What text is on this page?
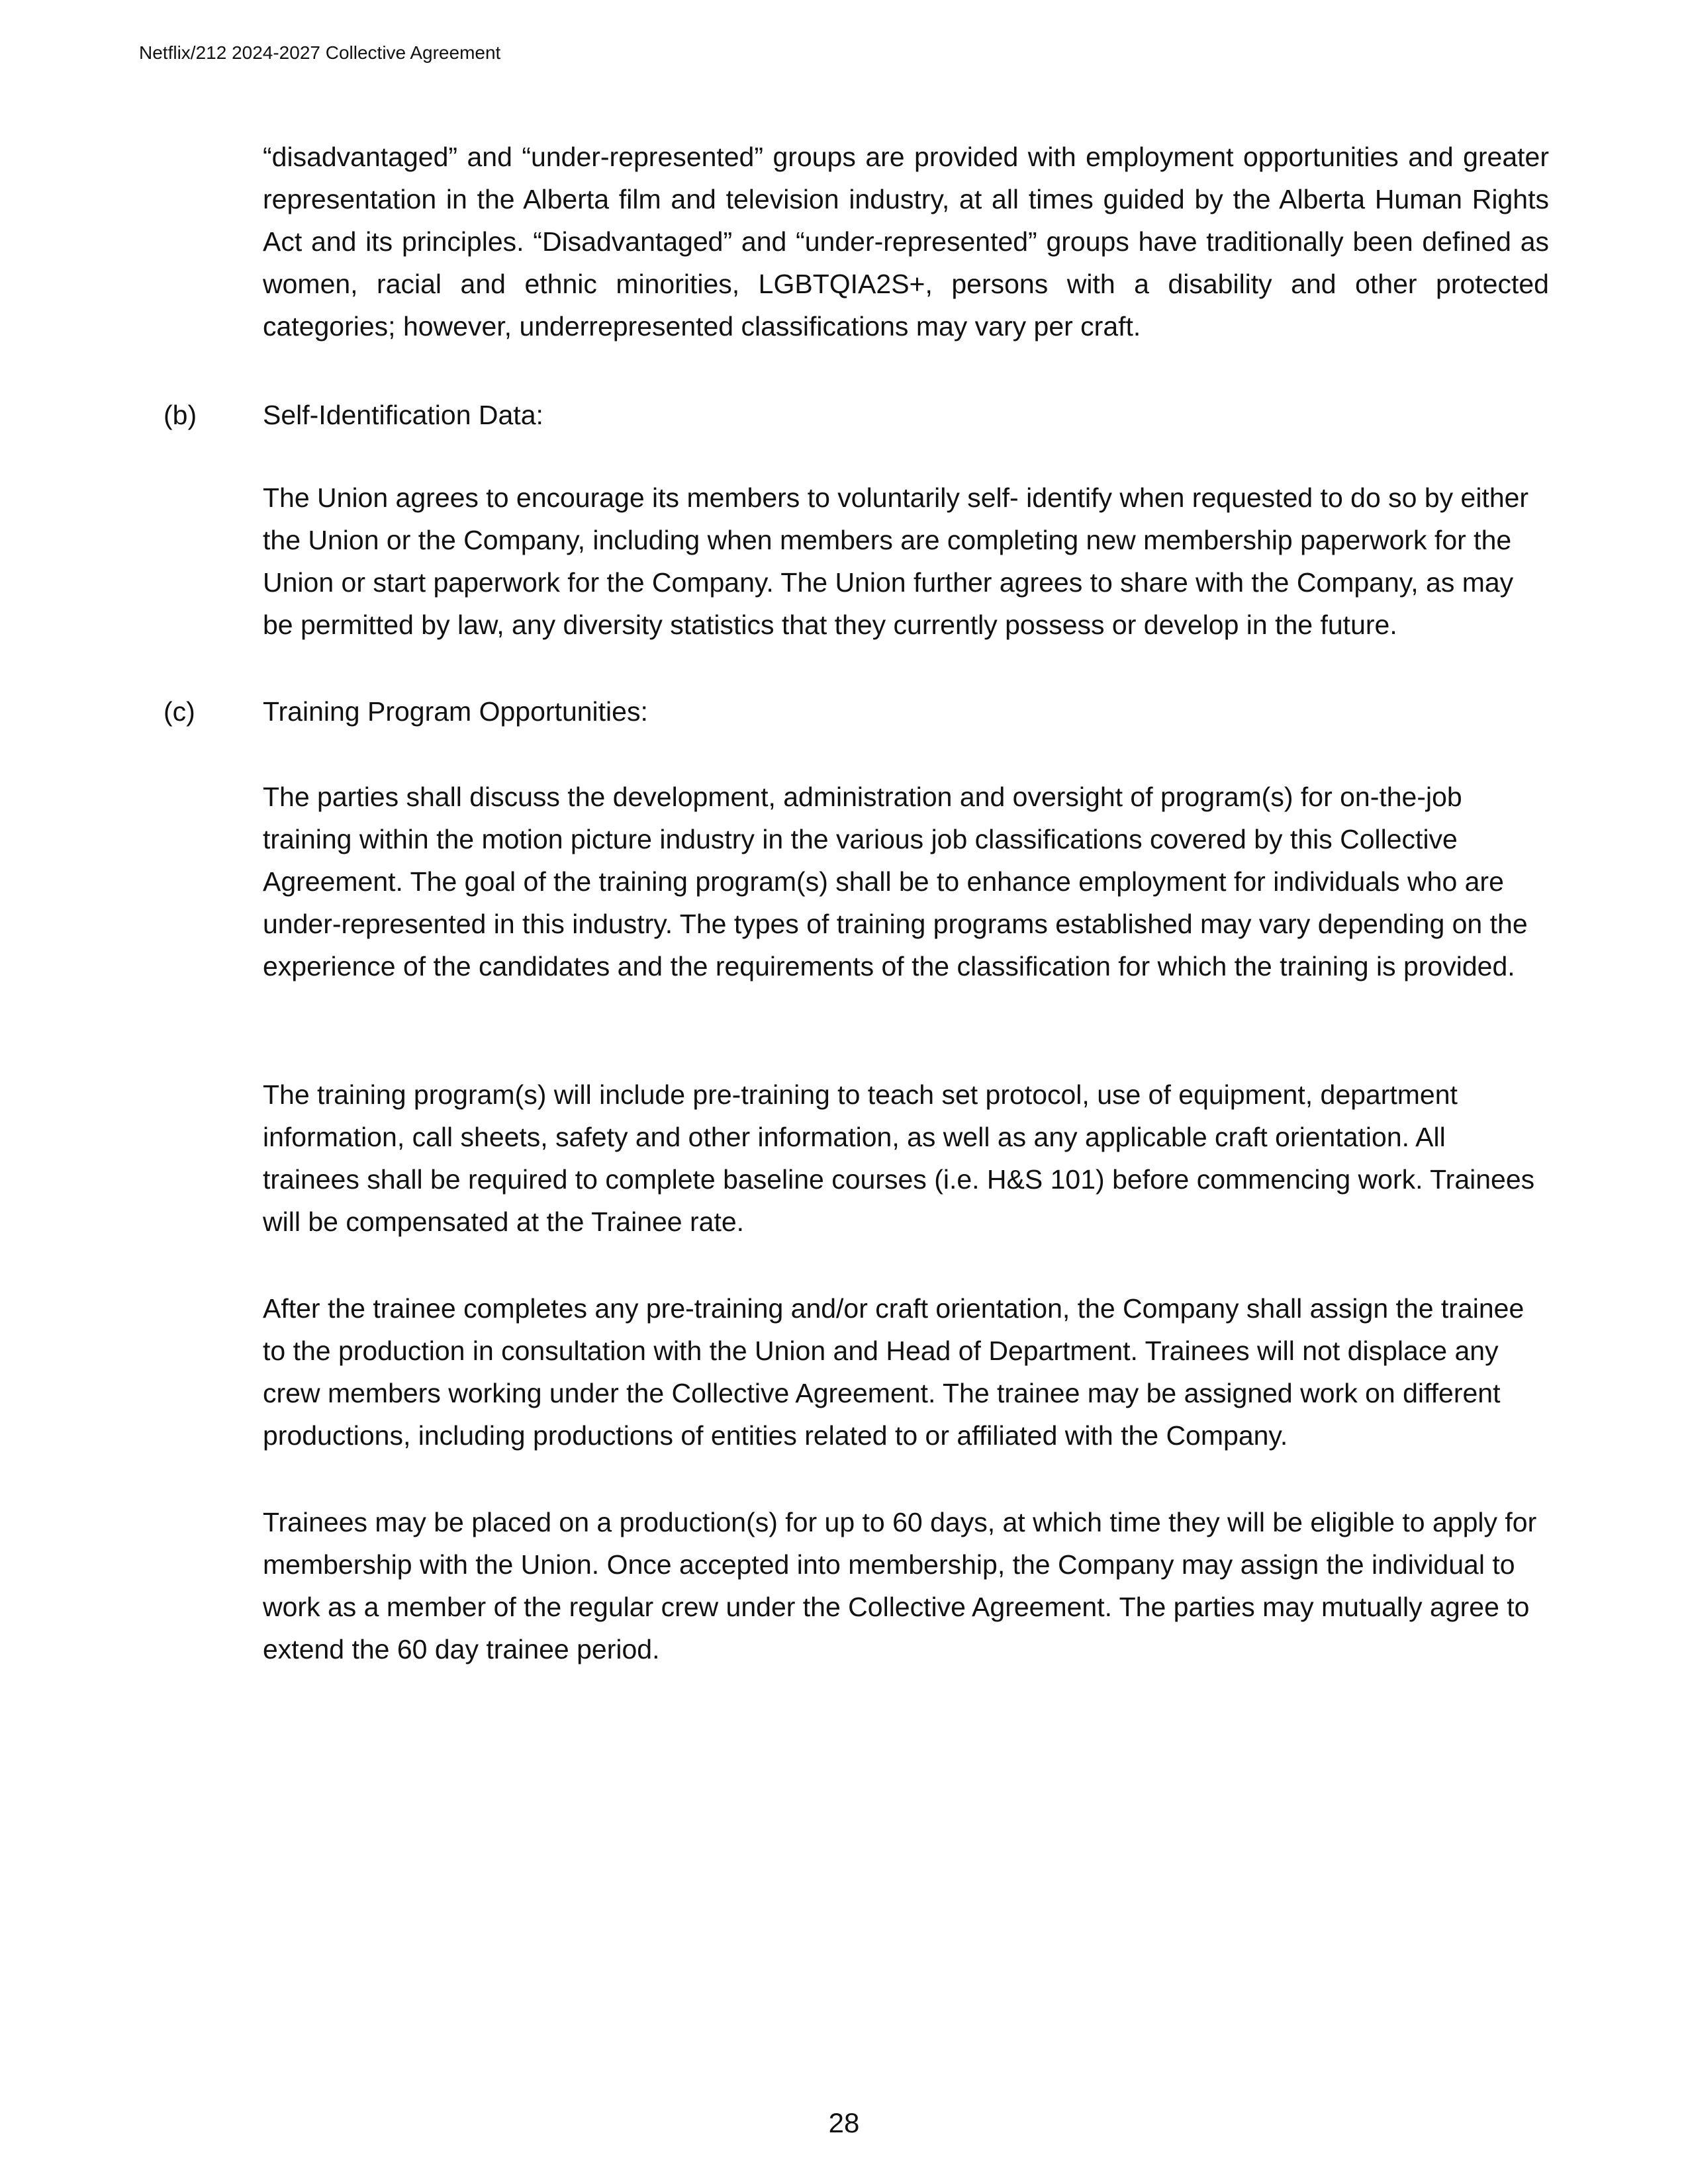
Netflix/212 2024-2027 Collective Agreement

“disadvantaged” and “under-represented” groups are provided with employment opportunities and greater representation in the Alberta film and television industry, at all times guided by the Alberta Human Rights Act and its principles. “Disadvantaged” and “under-represented” groups have traditionally been defined as women, racial and ethnic minorities, LGBTQIA2S+, persons with a disability and other protected categories; however, underrepresented classifications may vary per craft.

(b) Self-Identification Data:

The Union agrees to encourage its members to voluntarily self- identify when requested to do so by either the Union or the Company, including when members are completing new membership paperwork for the Union or start paperwork for the Company. The Union further agrees to share with the Company, as may be permitted by law, any diversity statistics that they currently possess or develop in the future.

(c) Training Program Opportunities:

The parties shall discuss the development, administration and oversight of program(s) for on-the-job training within the motion picture industry in the various job classifications covered by this Collective Agreement. The goal of the training program(s) shall be to enhance employment for individuals who are under-represented in this industry. The types of training programs established may vary depending on the experience of the candidates and the requirements of the classification for which the training is provided.

The training program(s) will include pre-training to teach set protocol, use of equipment, department information, call sheets, safety and other information, as well as any applicable craft orientation. All trainees shall be required to complete baseline courses (i.e. H&S 101) before commencing work. Trainees will be compensated at the Trainee rate.

After the trainee completes any pre-training and/or craft orientation, the Company shall assign the trainee to the production in consultation with the Union and Head of Department. Trainees will not displace any crew members working under the Collective Agreement. The trainee may be assigned work on different productions, including productions of entities related to or affiliated with the Company.

Trainees may be placed on a production(s) for up to 60 days, at which time they will be eligible to apply for membership with the Union. Once accepted into membership, the Company may assign the individual to work as a member of the regular crew under the Collective Agreement. The parties may mutually agree to extend the 60 day trainee period.

28
